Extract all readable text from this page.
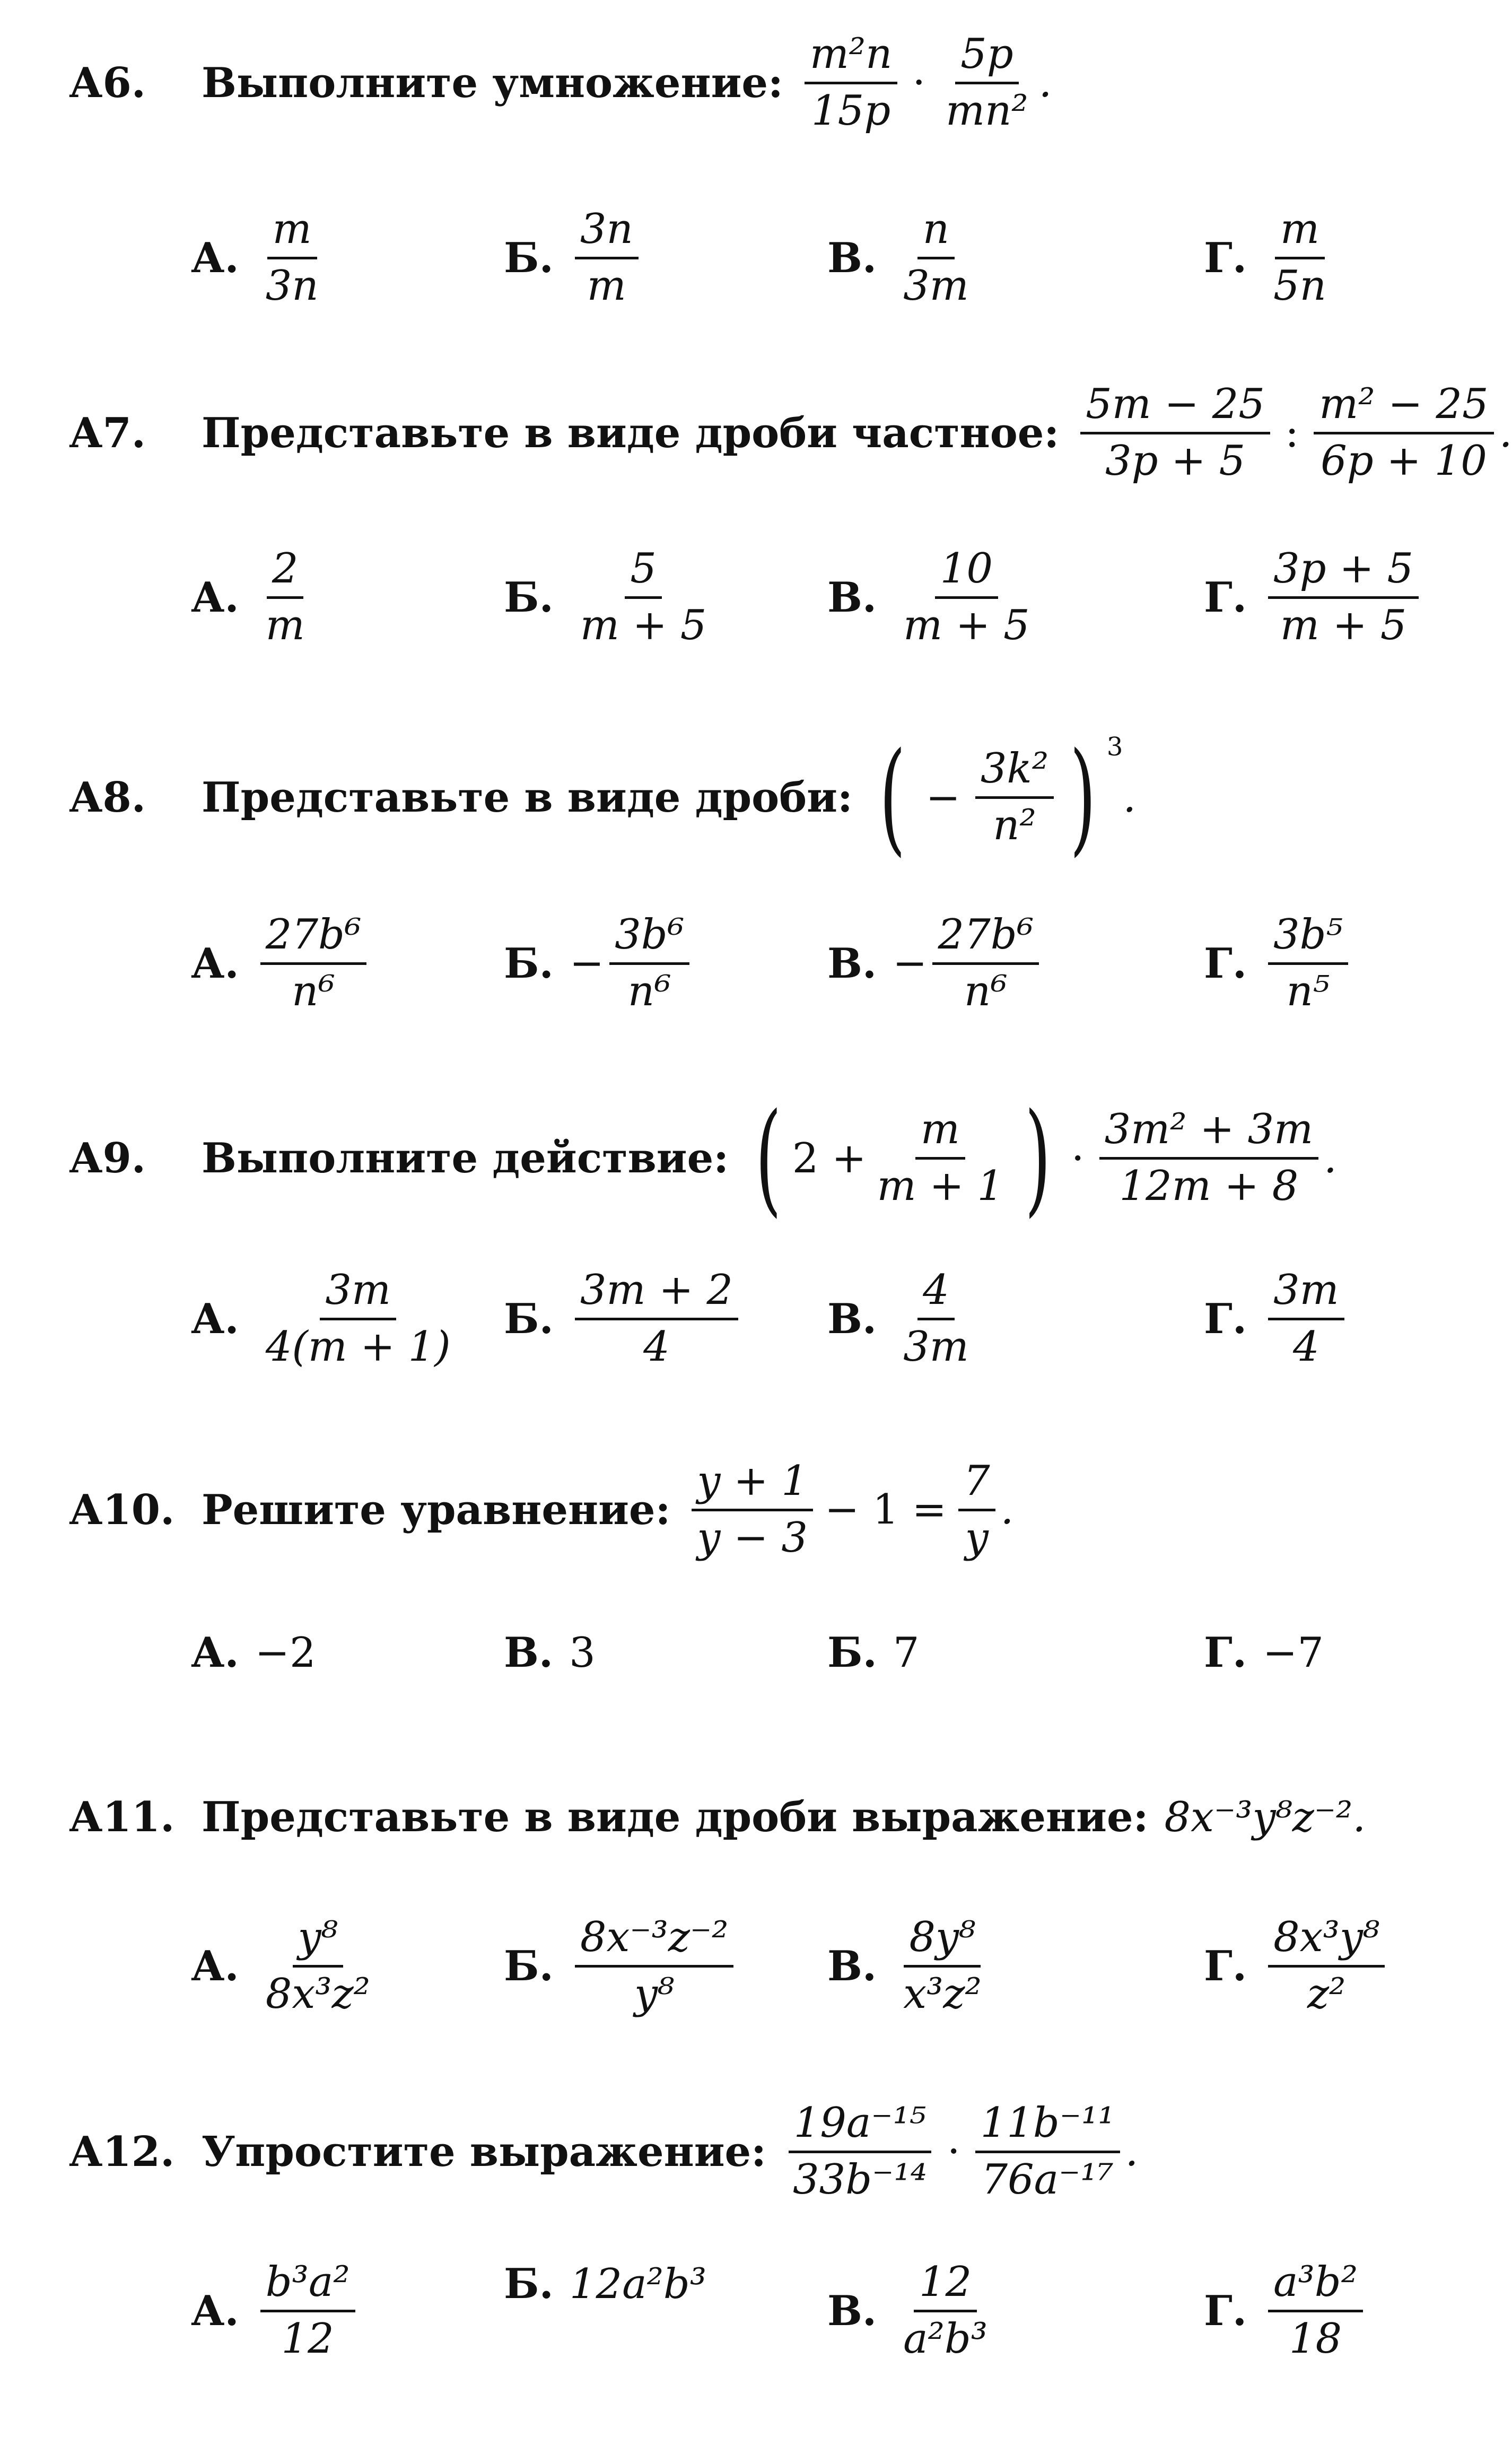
А6.	Выполните умножение: $\frac{\text{m²n}}{15p} \cdot \frac{5p}{\text{mn²}}$ .
А. $\frac{m}{3n}$	Б. $\frac{3n}{m}$	В. $\frac{n}{3m}$	Г. $\frac{m}{5n}$
А7.	Представьте в виде дроби частное: $\frac{5m - 25}{3p + 5}$ : $\frac{\text{m² − 25}}{6p + 10}$ .
А. $\frac{2}{m}$	Б. $\frac{5}{m + 5}$	В. $\frac{10}{m + 5}$	Г. $\frac{3p + 5}{m + 5}$
А8.	Представьте в виде дроби: ( − $\frac{\text{3k²}}{\text{n²}}$ ) 3
.
А. $\frac{\text{27b⁶}}{\text{n⁶}}$	Б. − $\frac{\text{3b⁶}}{\text{n⁶}}$	В. − $\frac{\text{27b⁶}}{\text{n⁶}}$	Г. $\frac{\text{3b⁵}}{\text{n⁵}}$
А9.	Выполните действие: ( $2 + \frac{m}{m + 1}$ ) · $\frac{\text{3m² + 3m}}{12m + 8}$ .
А. $\frac{3m}{4(m + 1)} Б$. $\frac{3m + 2}{4} В$. $\frac{4}{3m}$	Г. $\frac{3m}{4}$
А10. Решите уравнение: $\frac{y + 1}{y - 3} - 1 = \frac{7}{y}$ .
А. −2	В. 3	Б. 7	Г. −7
А11. Представьте в виде дроби выражение: 8x⁻³y⁸z⁻² .
А. $\frac{\text{y⁸}}{\text{8x³z²}}$	Б. $\frac{\text{8x⁻³z⁻²}}{\text{y⁸}} В$. $\frac{\text{8y⁸}}{\text{x³z²}}$	Г. $\frac{\text{8x³y⁸}}{\text{z²}}$
А12. Упростите выражение: $\frac{\text{19a⁻¹⁵}}{\text{33b⁻¹⁴}} \cdot \frac{\text{11b⁻¹¹}}{\text{76a⁻¹⁷}}$ .
А. $\frac{\text{b³a²}}{12}$	Б. 12a²b³
В. $\frac{12}{\text{a²b³}}$	Г. $\frac{\text{a³b²}}{18}$
